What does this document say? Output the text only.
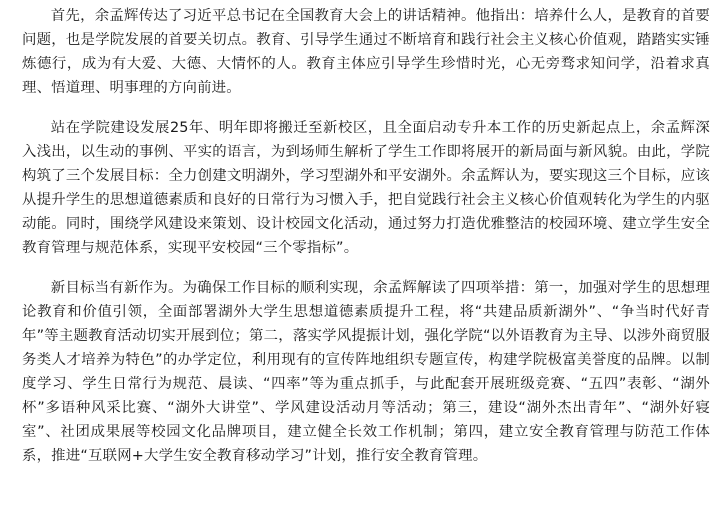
首先，余孟辉传达了习近平总书记在全国教育大会上的讲话精神。他指出：培养什么人，是教育的首要问题，也是学院发展的首要关切点。教育、引导学生通过不断培育和践行社会主义核心价值观，踏踏实实锤炼德行，成为有大爱、大德、大情怀的人。教育主体应引导学生珍惜时光，心无旁骛求知问学，沿着求真理、悟道理、明事理的方向前进。

站在学院建设发展25年、明年即将搬迁至新校区，且全面启动专升本工作的历史新起点上，余孟辉深入浅出，以生动的事例、平实的语言，为到场师生解析了学生工作即将展开的新局面与新风貌。由此，学院构筑了三个发展目标：全力创建文明湖外，学习型湖外和平安湖外。余孟辉认为，要实现这三个目标，应该从提升学生的思想道德素质和良好的日常行为习惯入手，把自觉践行社会主义核心价值观转化为学生的内驱动能。同时，围绕学风建设来策划、设计校园文化活动，通过努力打造优雅整洁的校园环境、建立学生安全教育管理与规范体系，实现平安校园“三个零指标”。

新目标当有新作为。为确保工作目标的顺利实现，余孟辉解读了四项举措：第一，加强对学生的思想理论教育和价值引领，全面部署湖外大学生思想道德素质提升工程，将“共建品质新湖外”、“争当时代好青年”等主题教育活动切实开展到位；第二，落实学风提振计划，强化学院“以外语教育为主导、以涉外商贸服务类人才培养为特色”的办学定位，利用现有的宣传阵地组织专题宣传，构建学院极富美誉度的品牌。以制度学习、学生日常行为规范、晨读、“四率”等为重点抓手，与此配套开展班级竞赛、“五四”表彰、“湖外杯”多语种风采比赛、“湖外大讲堂”、学风建设活动月等活动；第三，建设“湖外杰出青年”、“湖外好寝室”、社团成果展等校园文化品牌项目，建立健全长效工作机制；第四，建立安全教育管理与防范工作体系，推进“互联网+大学生安全教育移动学习”计划，推行安全教育管理。
